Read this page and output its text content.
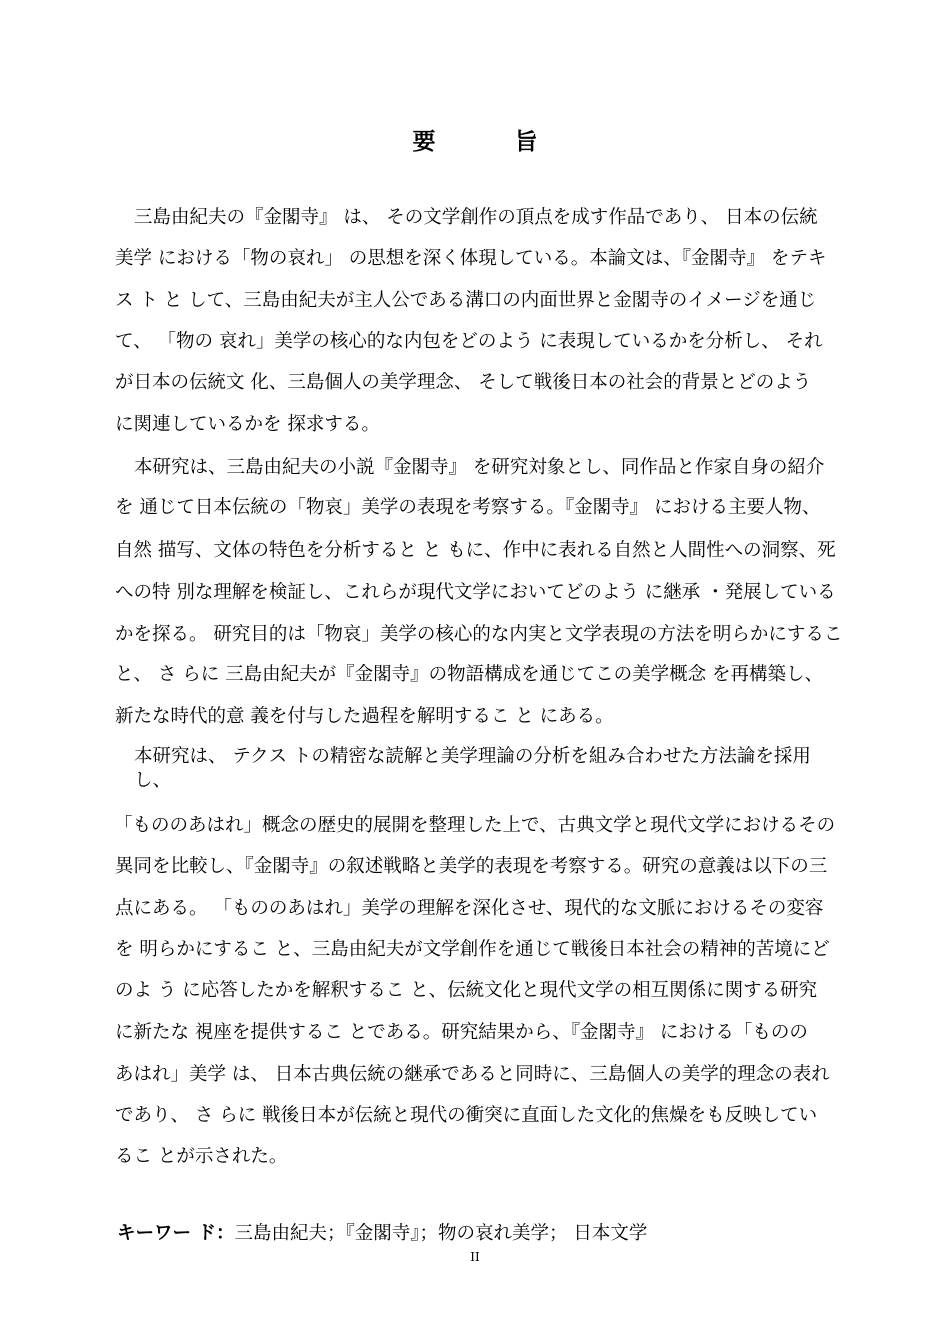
要　旨
三島由紀夫の『金閣寺』 は、 その文学創作の頂点を成す作品であり、 日本の伝統
美学 における「物の哀れ」 の思想を深く体現している。本論文は、『金閣寺』 をテキ
ス ト と して、三島由紀夫が主人公である溝口の内面世界と金閣寺のイメージを通じ
て、 「物の 哀れ」美学の核心的な内包をどのよう に表現しているかを分析し、 それ
が日本の伝統文 化、三島個人の美学理念、 そして戦後日本の社会的背景とどのよう
に関連しているかを 探求する。
本研究は、三島由紀夫の小説『金閣寺』 を研究対象とし、同作品と作家自身の紹介
を 通じて日本伝統の「物哀」美学の表現を考察する。『金閣寺』 における主要人物、
自然 描写、文体の特色を分析すると と もに、作中に表れる自然と人間性への洞察、死
への特 別な理解を検証し、これらが現代文学においてどのよう に継承 ・発展している
かを探る。 研究目的は「物哀」美学の核心的な内実と文学表現の方法を明らかにするこ
と、 さ らに 三島由紀夫が『金閣寺』の物語構成を通じてこの美学概念 を再構築し、
新たな時代的意 義を付与した過程を解明するこ と にある。
本研究は、 テクス トの精密な読解と美学理論の分析を組み合わせた方法論を採用
し、
「もののあはれ」概念の歴史的展開を整理した上で、古典文学と現代文学におけるその
異同を比較し、『金閣寺』の叙述戦略と美学的表現を考察する。研究の意義は以下の三
点にある。 「もののあはれ」美学の理解を深化させ、現代的な文脈におけるその変容
を 明らかにするこ と、三島由紀夫が文学創作を通じて戦後日本社会の精神的苦境にど
のよ う に応答したかを解釈するこ と、伝統文化と現代文学の相互関係に関する研究
に新たな 視座を提供するこ とである。研究結果から、『金閣寺』 における「ものの
あはれ」美学 は、 日本古典伝統の継承であると同時に、三島個人の美学的理念の表れ
であり、 さ らに 戦後日本が伝統と現代の衝突に直面した文化的焦燥をも反映してい
るこ とが示された。
キーワー ド：三島由紀夫；『金閣寺』；物の哀れ美学； 日本文学
II
